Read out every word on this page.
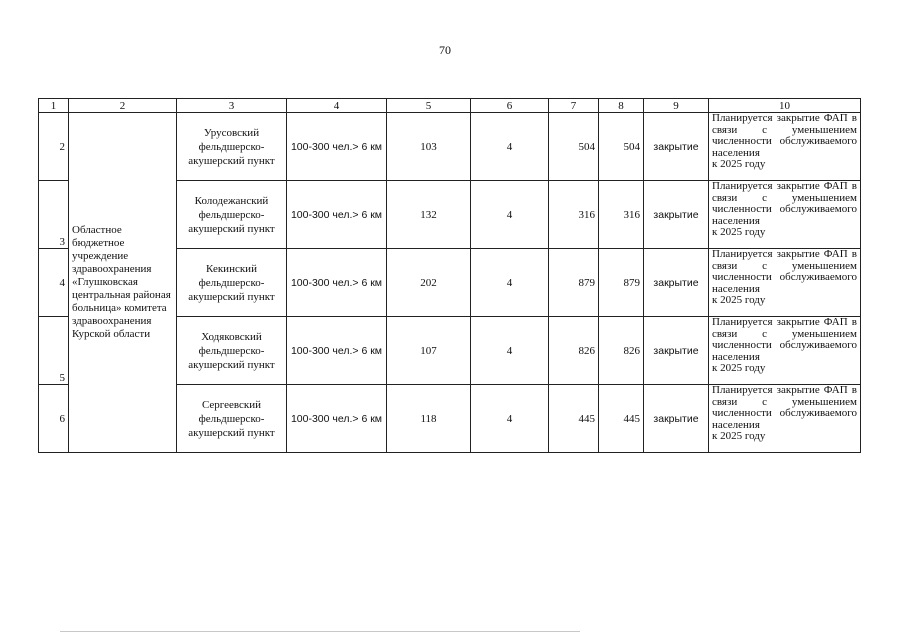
70
1	2	3	4	5	6	7	8	9	10
2	Областное бюджетное учреждение здравоохранения «Глушковская центральная районая больница» комитета здравоохранения Курской области	Урусовский фельдшерско-акушерский пункт	100-300 чел.> 6 км	103	4	504	504	закрытие	Планируется закрытие ФАП в связи с уменьшением численности обслуживаемого населения
к 2025 году

3		Колодежанский фельдшерско-акушерский пункт	100-300 чел.> 6 км	132	4	316	316	закрытие	Планируется закрытие ФАП в связи с уменьшением численности обслуживаемого населения
к 2025 году

4		Кекинский фельдшерско-акушерский пункт	100-300 чел.> 6 км	202	4	879	879	закрытие	Планируется закрытие ФАП в связи с уменьшением численности обслуживаемого населения
к 2025 году

5		Ходяковский фельдшерско-акушерский пункт	100-300 чел.> 6 км	107	4	826	826	закрытие	Планируется закрытие ФАП в связи с уменьшением численности обслуживаемого населения
к 2025 году

6		Сергеевский фельдшерско-акушерский пункт	100-300 чел.> 6 км	118	4	445	445	закрытие	Планируется закрытие ФАП в связи с уменьшением численности обслуживаемого населения
к 2025 году
